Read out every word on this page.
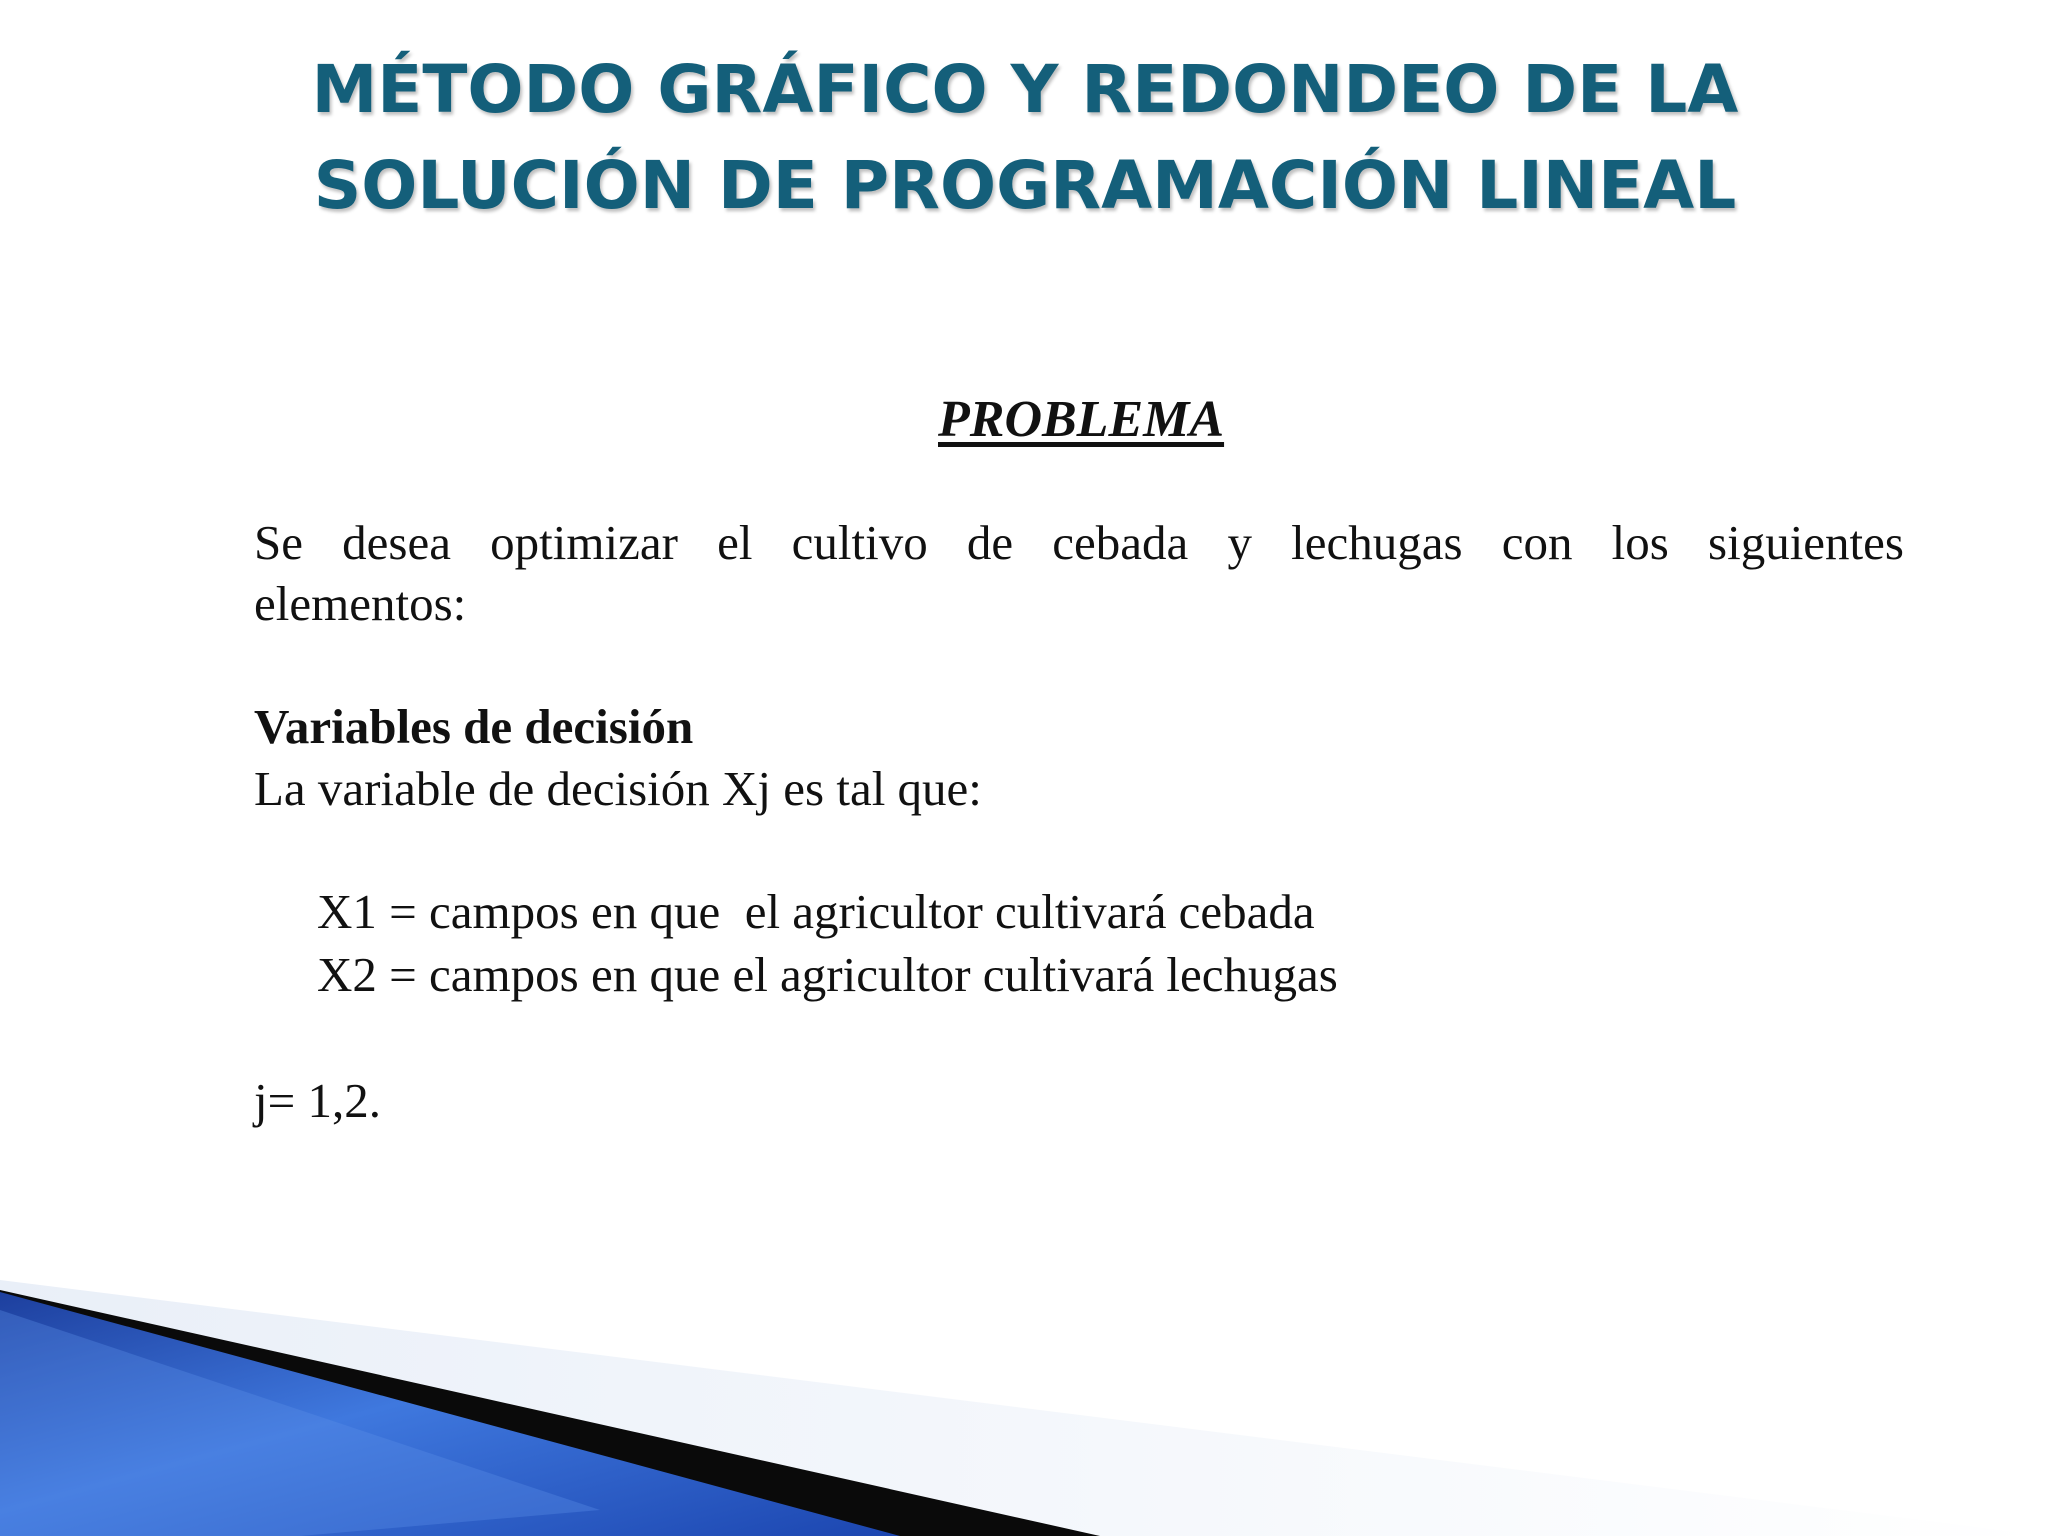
MÉTODO GRÁFICO Y REDONDEO DE LA
SOLUCIÓN DE PROGRAMACIÓN LINEAL
PROBLEMA
Se desea optimizar el cultivo de cebada y lechugas con los siguientes
elementos:
Variables de decisión
La variable de decisión Xj es tal que:
X1 = campos en que  el agricultor cultivará cebada
X2 = campos en que el agricultor cultivará lechugas
j= 1,2.
